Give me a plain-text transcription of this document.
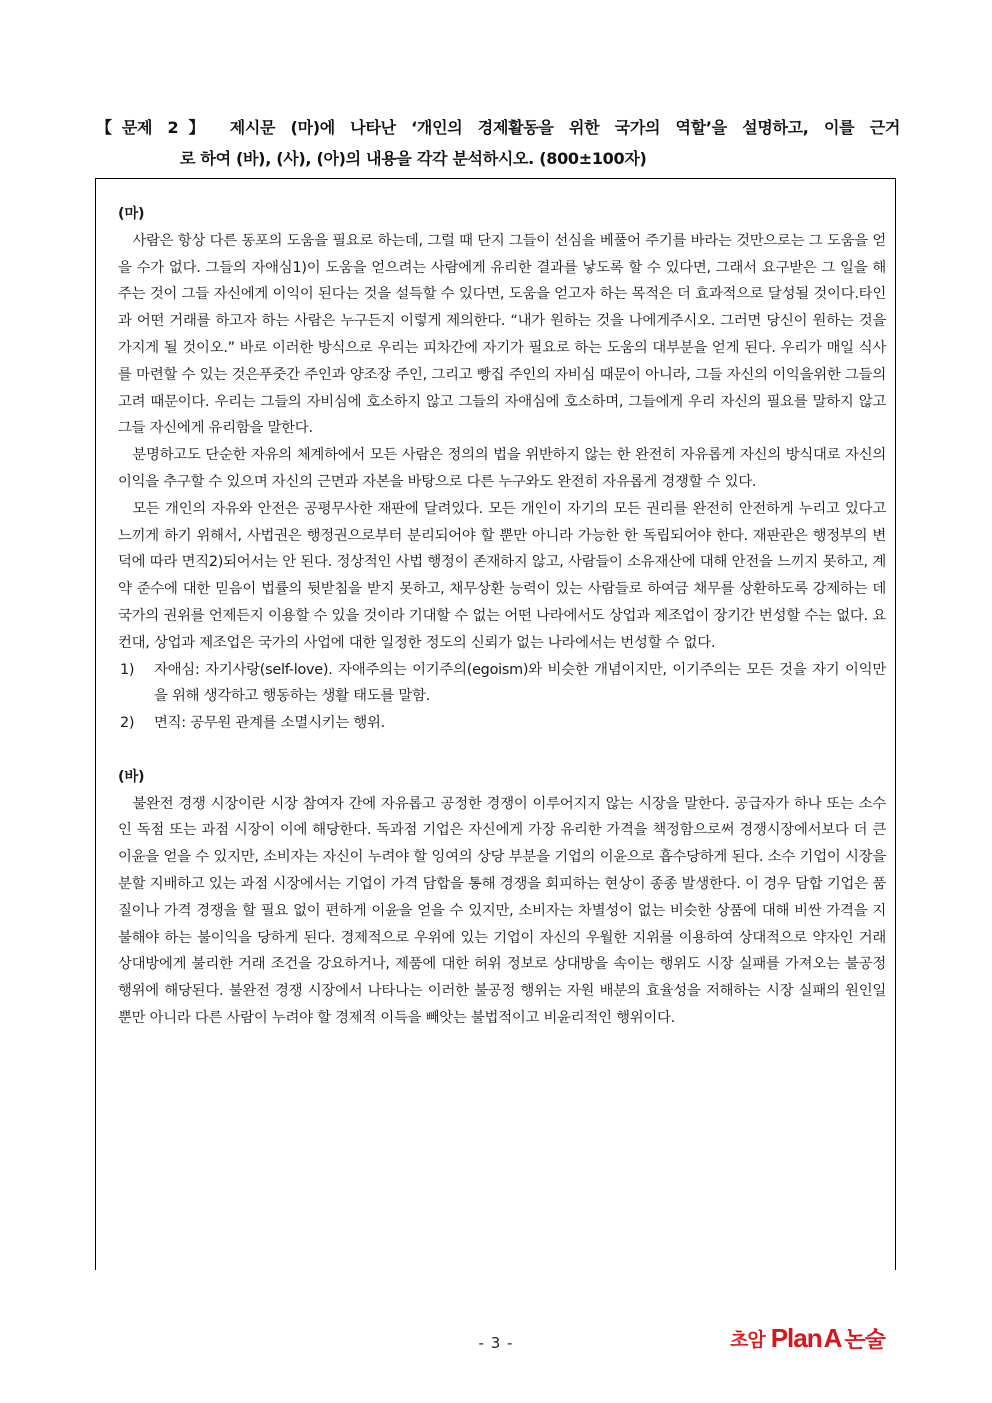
【문제 2】 제시문 (마)에 나타난 ‘개인의 경제활동을 위한 국가의 역할’을 설명하고, 이를 근거
로 하여 (바), (사), (아)의 내용을 각각 분석하시오. (800±100자)

(마)

사람은 항상 다른 동포의 도움을 필요로 하는데, 그럴 때 단지 그들이 선심을 베풀어 주기를 바라는 것만으로는 그 도움을 얻을 수가 없다. 그들의 자애심1)이 도움을 얻으려는 사람에게 유리한 결과를 낳도록 할 수 있다면, 그래서 요구받은 그 일을 해 주는 것이 그들 자신에게 이익이 된다는 것을 설득할 수 있다면, 도움을 얻고자 하는 목적은 더 효과적으로 달성될 것이다.타인과 어떤 거래를 하고자 하는 사람은 누구든지 이렇게 제의한다. “내가 원하는 것을 나에게주시오. 그러면 당신이 원하는 것을 가지게 될 것이오.” 바로 이러한 방식으로 우리는 피차간에 자기가 필요로 하는 도움의 대부분을 얻게 된다. 우리가 매일 식사를 마련할 수 있는 것은푸줏간 주인과 양조장 주인, 그리고 빵집 주인의 자비심 때문이 아니라, 그들 자신의 이익을위한 그들의 고려 때문이다. 우리는 그들의 자비심에 호소하지 않고 그들의 자애심에 호소하며, 그들에게 우리 자신의 필요를 말하지 않고 그들 자신에게 유리함을 말한다.

분명하고도 단순한 자유의 체계하에서 모든 사람은 정의의 법을 위반하지 않는 한 완전히 자유롭게 자신의 방식대로 자신의 이익을 추구할 수 있으며 자신의 근면과 자본을 바탕으로 다른 누구와도 완전히 자유롭게 경쟁할 수 있다.

모든 개인의 자유와 안전은 공평무사한 재판에 달려있다. 모든 개인이 자기의 모든 권리를 완전히 안전하게 누리고 있다고 느끼게 하기 위해서, 사법권은 행정권으로부터 분리되어야 할 뿐만 아니라 가능한 한 독립되어야 한다. 재판관은 행정부의 변덕에 따라 면직2)되어서는 안 된다. 정상적인 사법 행정이 존재하지 않고, 사람들이 소유재산에 대해 안전을 느끼지 못하고, 계약 준수에 대한 믿음이 법률의 뒷받침을 받지 못하고, 채무상환 능력이 있는 사람들로 하여금 채무를 상환하도록 강제하는 데 국가의 권위를 언제든지 이용할 수 있을 것이라 기대할 수 없는 어떤 나라에서도 상업과 제조업이 장기간 번성할 수는 없다. 요컨대, 상업과 제조업은 국가의 사업에 대한 일정한 정도의 신뢰가 없는 나라에서는 번성할 수 없다.

1) 자애심: 자기사랑(self-love). 자애주의는 이기주의(egoism)와 비슷한 개념이지만, 이기주의는 모든 것을 자기 이익만을 위해 생각하고 행동하는 생활 태도를 말함.

2) 면직: 공무원 관계를 소멸시키는 행위.

(바)

불완전 경쟁 시장이란 시장 참여자 간에 자유롭고 공정한 경쟁이 이루어지지 않는 시장을 말한다. 공급자가 하나 또는 소수인 독점 또는 과점 시장이 이에 해당한다. 독과점 기업은 자신에게 가장 유리한 가격을 책정함으로써 경쟁시장에서보다 더 큰 이윤을 얻을 수 있지만, 소비자는 자신이 누려야 할 잉여의 상당 부분을 기업의 이윤으로 흡수당하게 된다. 소수 기업이 시장을 분할 지배하고 있는 과점 시장에서는 기업이 가격 담합을 통해 경쟁을 회피하는 현상이 종종 발생한다. 이 경우 담합 기업은 품질이나 가격 경쟁을 할 필요 없이 편하게 이윤을 얻을 수 있지만, 소비자는 차별성이 없는 비슷한 상품에 대해 비싼 가격을 지불해야 하는 불이익을 당하게 된다. 경제적으로 우위에 있는 기업이 자신의 우월한 지위를 이용하여 상대적으로 약자인 거래 상대방에게 불리한 거래 조건을 강요하거나, 제품에 대한 허위 정보로 상대방을 속이는 행위도 시장 실패를 가져오는 불공정 행위에 해당된다. 불완전 경쟁 시장에서 나타나는 이러한 불공정 행위는 자원 배분의 효율성을 저해하는 시장 실패의 원인일 뿐만 아니라 다른 사람이 누려야 할 경제적 이득을 빼앗는 불법적이고 비윤리적인 행위이다.

- 3 -	초암 Plan A 논술
